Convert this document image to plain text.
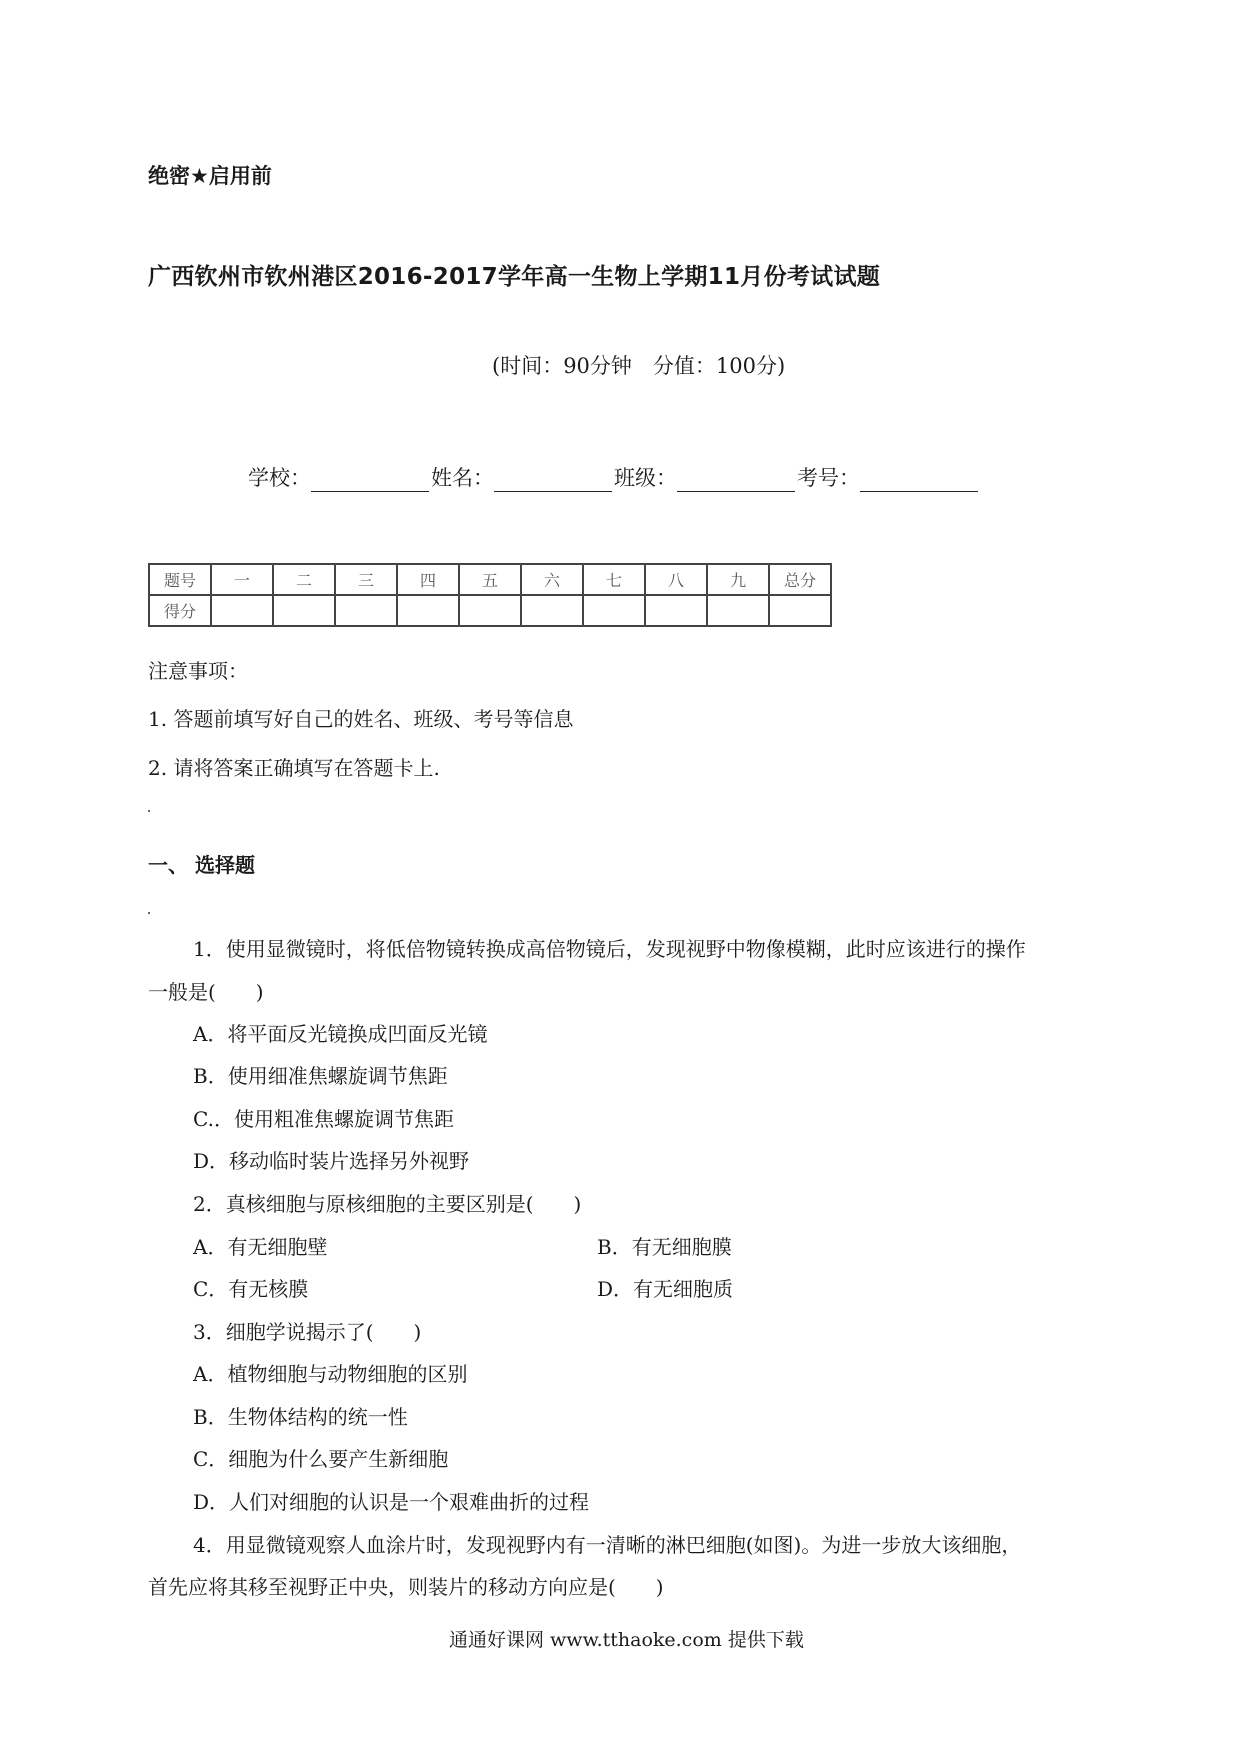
绝密★启用前
广西钦州市钦州港区2016-2017学年高一生物上学期11月份考试试题
(时间：90分钟　分值：100分)
学校：	姓名：	班级：	考号：
题号	一	二	三	四	五	六	七	八	九	总分
得分										
注意事项：
1. 答题前填写好自己的姓名、班级、考号等信息
2. 请将答案正确填写在答题卡上.
一、 选择题
1．使用显微镜时，将低倍物镜转换成高倍物镜后，发现视野中物像模糊，此时应该进行的操作
一般是(　　)
A．将平面反光镜换成凹面反光镜
B．使用细准焦螺旋调节焦距
C.．使用粗准焦螺旋调节焦距
D．移动临时装片选择另外视野
2．真核细胞与原核细胞的主要区别是(　　)
A．有无细胞壁	B．有无细胞膜
C．有无核膜	D．有无细胞质
3．细胞学说揭示了(　　)
A．植物细胞与动物细胞的区别
B．生物体结构的统一性
C．细胞为什么要产生新细胞
D．人们对细胞的认识是一个艰难曲折的过程
4．用显微镜观察人血涂片时，发现视野内有一清晰的淋巴细胞(如图)。为进一步放大该细胞，
首先应将其移至视野正中央，则装片的移动方向应是(　　)
通通好课网 www.tthaoke.com 提供下载
